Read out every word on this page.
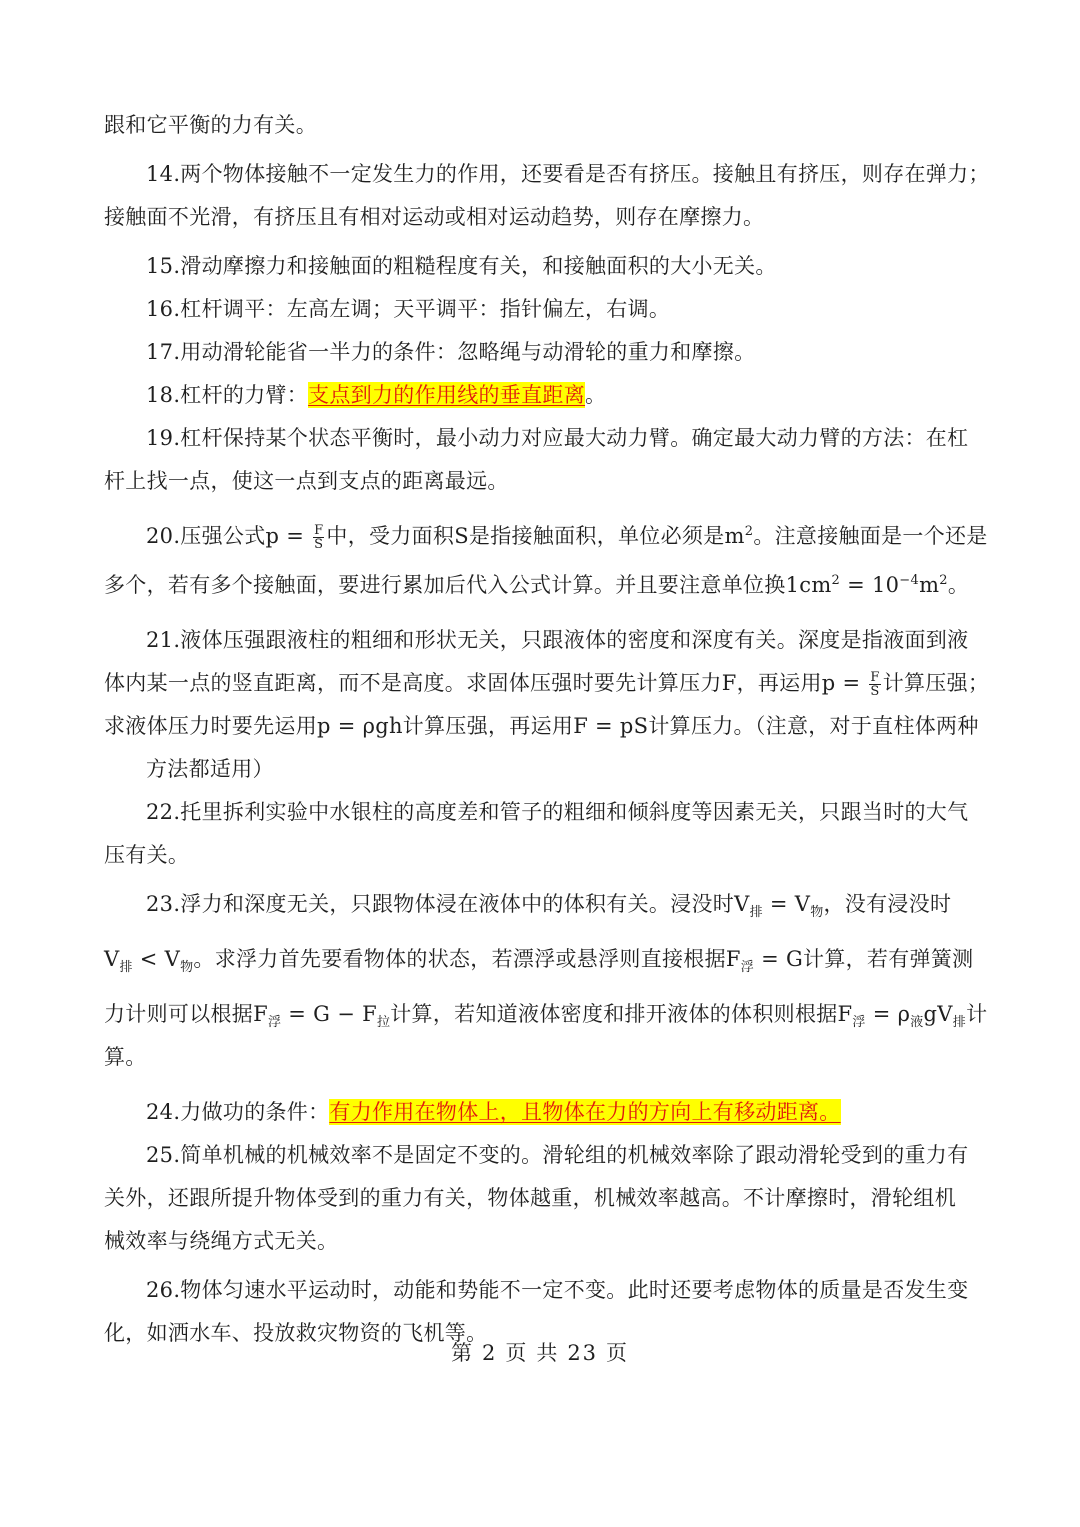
跟和它平衡的力有关。
14.两个物体接触不一定发生力的作用，还要看是否有挤压。接触且有挤压，则存在弹力；
接触面不光滑，有挤压且有相对运动或相对运动趋势，则存在摩擦力。
15.滑动摩擦力和接触面的粗糙程度有关，和接触面积的大小无关。
16.杠杆调平：左高左调；天平调平：指针偏左，右调。
17.用动滑轮能省一半力的条件：忽略绳与动滑轮的重力和摩擦。
18.杠杆的力臂：支点到力的作用线的垂直距离。
19.杠杆保持某个状态平衡时，最小动力对应最大动力臂。确定最大动力臂的方法：在杠
杆上找一点，使这一点到支点的距离最远。
20.压强公式$p = \frac{F}{S}$ 中，受力面积S是指接触面积，单位必须是$m^2$。注意接触面是一个还是
多个，若有多个接触面，要进行累加后代入公式计算。并且要注意单位换$1cm^2 = 10^{-4}m^2$。
21.液体压强跟液柱的粗细和形状无关，只跟液体的密度和深度有关。深度是指液面到液
体内某一点的竖直距离，而不是高度。求固体压强时要先计算压力F，再运用$p = \frac{F}{S}$ 计算压强；
求液体压力时要先运用p = ρgh计算压强，再运用F = pS计算压力。（注意，对于直柱体两种
方法都适用）
22.托里拆利实验中水银柱的高度差和管子的粗细和倾斜度等因素无关，只跟当时的大气
压有关。
23.浮力和深度无关，只跟物体浸在液体中的体积有关。浸没时$V_排 = V_物$，没有浸没时
$V_排 < V_物$。求浮力首先要看物体的状态，若漂浮或悬浮则直接根据$F_浮 = G$计算，若有弹簧测
力计则可以根据$F_浮 = G - F_拉$计算，若知道液体密度和排开液体的体积则根据$F_浮 = \rho_液gV_排$计
算。
24.力做功的条件：有力作用在物体上，且物体在力的方向上有移动距离。
25.简单机械的机械效率不是固定不变的。滑轮组的机械效率除了跟动滑轮受到的重力有
关外，还跟所提升物体受到的重力有关，物体越重，机械效率越高。不计摩擦时，滑轮组机
械效率与绕绳方式无关。
26.物体匀速水平运动时，动能和势能不一定不变。此时还要考虑物体的质量是否发生变
化，如洒水车、投放救灾物资的飞机等。
第 2 页 共 23 页
